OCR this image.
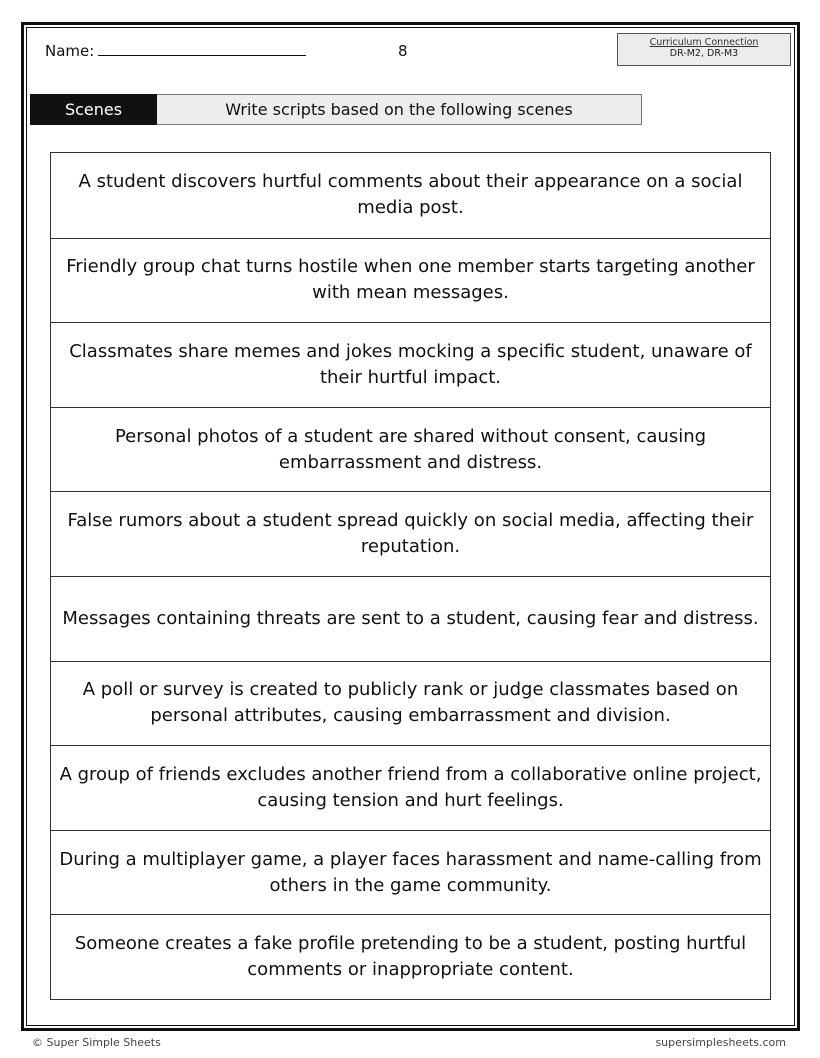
Name:	8	Curriculum Connection
DR-M2, DR-M3
Scenes	Write scripts based on the following scenes
A student discovers hurtful comments about their appearance on a social media post.
Friendly group chat turns hostile when one member starts targeting another with mean messages.
Classmates share memes and jokes mocking a specific student, unaware of their hurtful impact.
Personal photos of a student are shared without consent, causing embarrassment and distress.
False rumors about a student spread quickly on social media, affecting their reputation.
Messages containing threats are sent to a student, causing fear and distress.
A poll or survey is created to publicly rank or judge classmates based on personal attributes, causing embarrassment and division.
A group of friends excludes another friend from a collaborative online project, causing tension and hurt feelings.
During a multiplayer game, a player faces harassment and name-calling from others in the game community.
Someone creates a fake profile pretending to be a student, posting hurtful comments or inappropriate content.
© Super Simple Sheets	supersimplesheets.com
